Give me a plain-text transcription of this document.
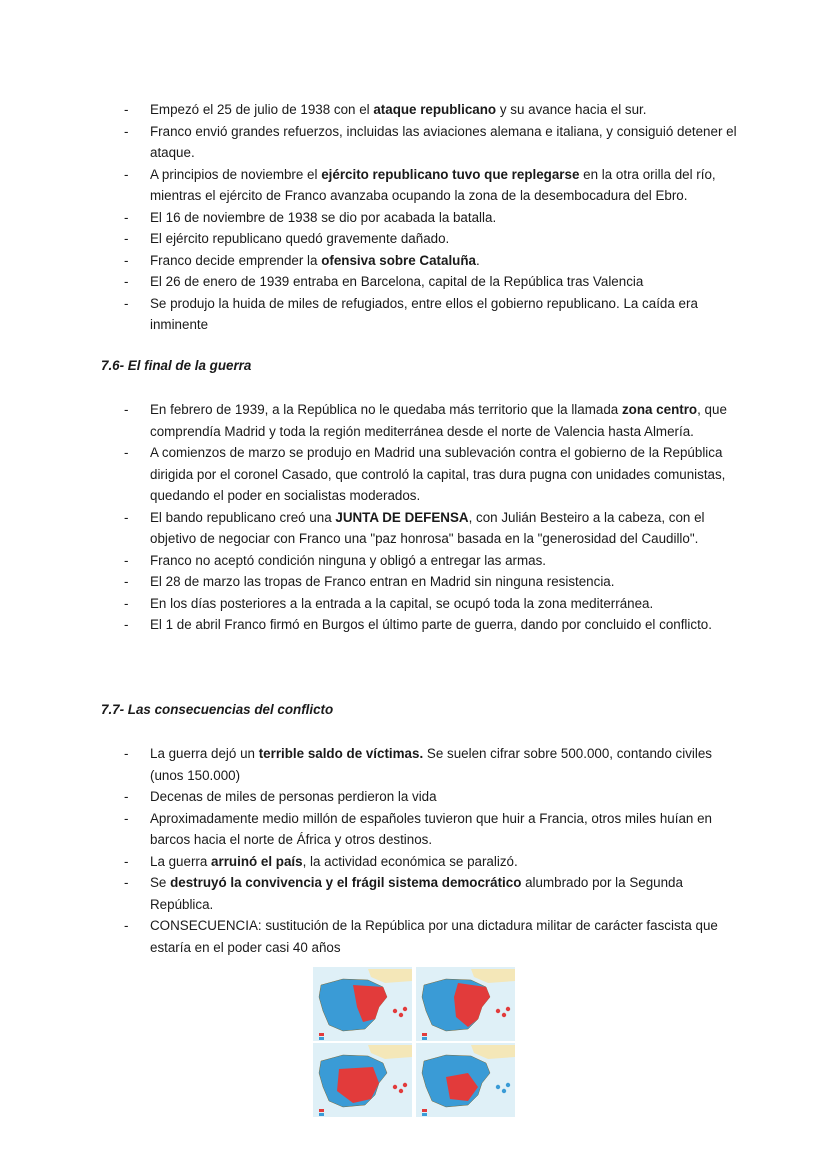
- Empezó el 25 de julio de 1938 con el ataque republicano y su avance hacia el sur.
- Franco envió grandes refuerzos, incluidas las aviaciones alemana e italiana, y consiguió detener el ataque.
- A principios de noviembre el ejército republicano tuvo que replegarse en la otra orilla del río, mientras el ejército de Franco avanzaba ocupando la zona de la desembocadura del Ebro.
- El 16 de noviembre de 1938 se dio por acabada la batalla.
- El ejército republicano quedó gravemente dañado.
- Franco decide emprender la ofensiva sobre Cataluña.
- El 26 de enero de 1939 entraba en Barcelona, capital de la República tras Valencia
- Se produjo la huida de miles de refugiados, entre ellos el gobierno republicano. La caída era inminente
7.6- El final de la guerra
- En febrero de 1939, a la República no le quedaba más territorio que la llamada zona centro, que comprendía Madrid y toda la región mediterránea desde el norte de Valencia hasta Almería.
- A comienzos de marzo se produjo en Madrid una sublevación contra el gobierno de la República dirigida por el coronel Casado, que controló la capital, tras dura pugna con unidades comunistas, quedando el poder en socialistas moderados.
- El bando republicano creó una JUNTA DE DEFENSA, con Julián Besteiro a la cabeza, con el objetivo de negociar con Franco una "paz honrosa" basada en la "generosidad del Caudillo".
- Franco no aceptó condición ninguna y obligó a entregar las armas.
- El 28 de marzo las tropas de Franco entran en Madrid sin ninguna resistencia.
- En los días posteriores a la entrada a la capital, se ocupó toda la zona mediterránea.
- El 1 de abril Franco firmó en Burgos el último parte de guerra, dando por concluido el conflicto.
7.7- Las consecuencias del conflicto
- La guerra dejó un terrible saldo de víctimas. Se suelen cifrar sobre 500.000, contando civiles (unos 150.000)
- Decenas de miles de personas perdieron la vida
- Aproximadamente medio millón de españoles tuvieron que huir a Francia, otros miles huían en barcos hacia el norte de África y otros destinos.
- La guerra arruinó el país, la actividad económica se paralizó.
- Se destruyó la convivencia y el frágil sistema democrático alumbrado por la Segunda República.
- CONSECUENCIA: sustitución de la República por una dictadura militar de carácter fascista que estaría en el poder casi 40 años
